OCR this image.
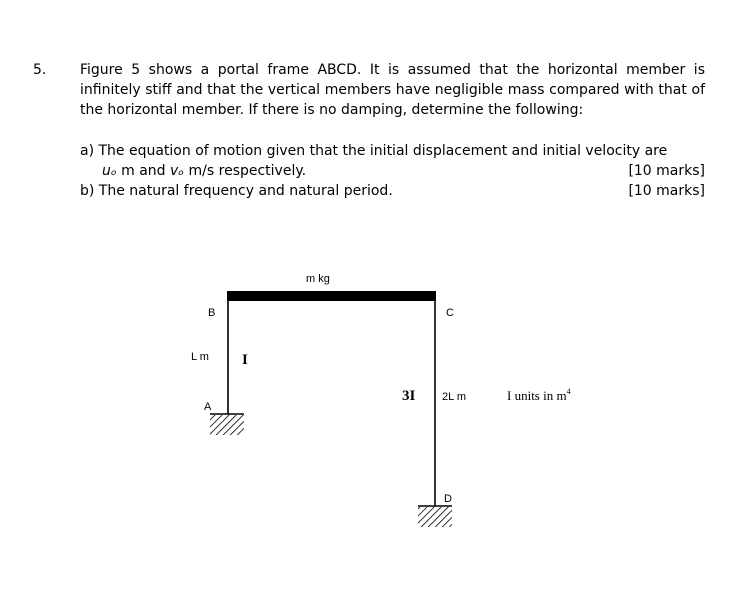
5. Figure 5 shows a portal frame ABCD. It is assumed that the horizontal member is infinitely stiff and that the vertical members have negligible mass compared with that of the horizontal member. If there is no damping, determine the following:
a) The equation of motion given that the initial displacement and initial velocity are
uₒ m and vₒ m/s respectively.	[10 marks]
b) The natural frequency and natural period.	[10 marks]
m kg
B	C
A
D
L m I
3I 2L m	I units in $m^4$
